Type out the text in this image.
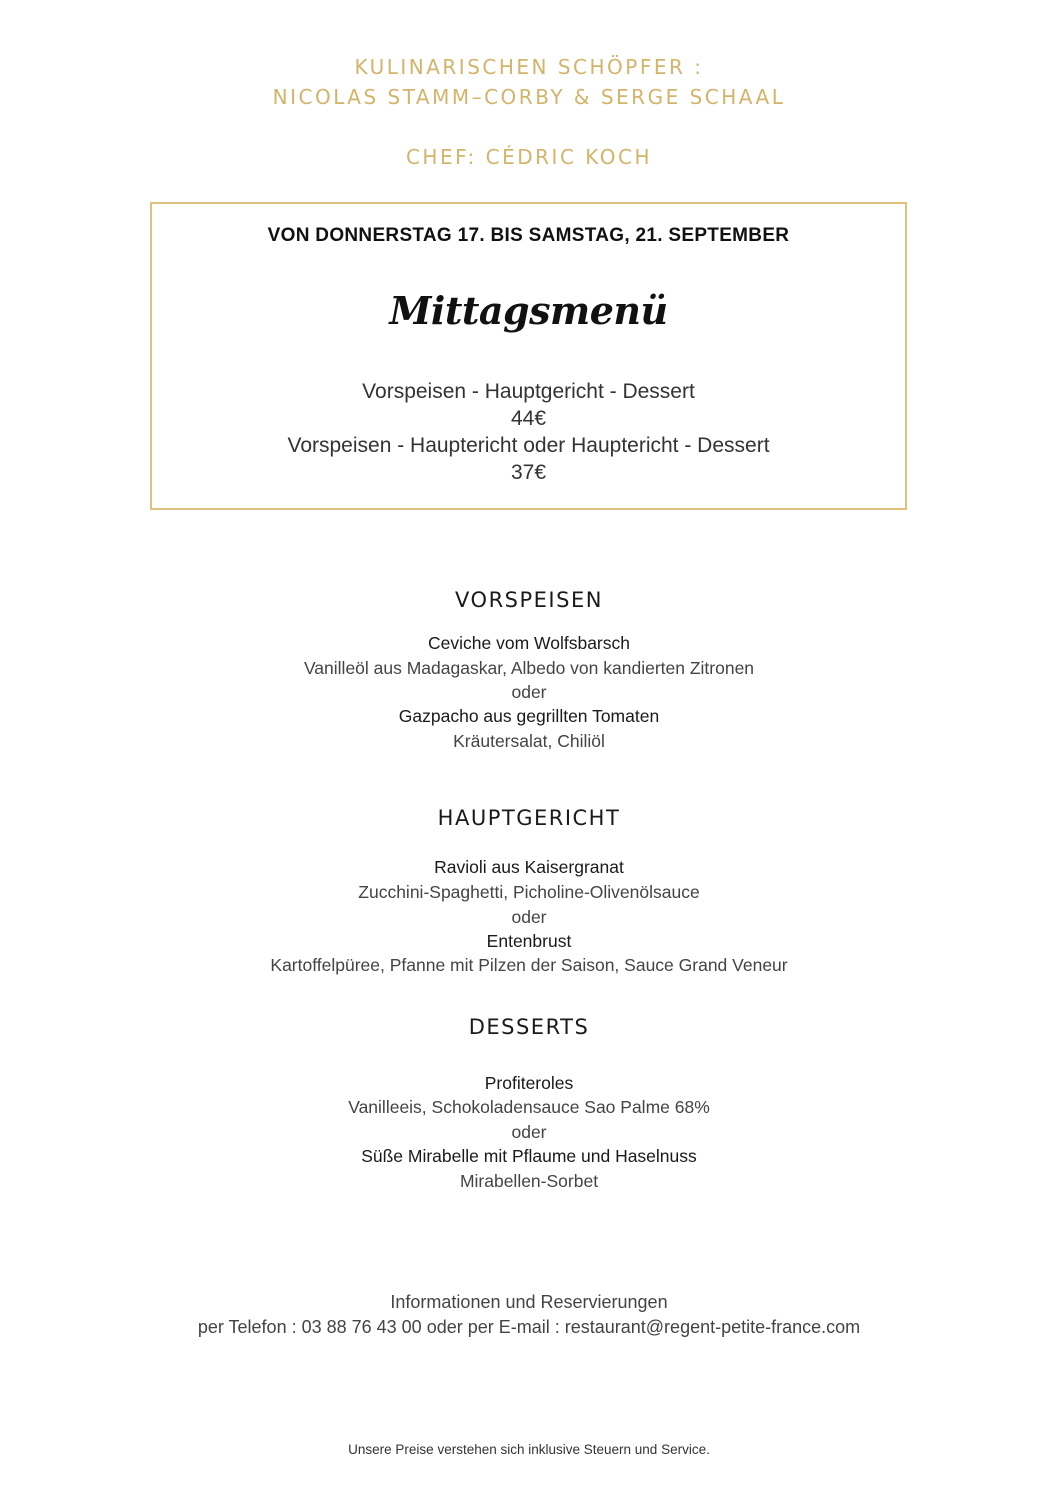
KULINARISCHEN SCHÖPFER :
NICOLAS STAMM–CORBY & SERGE SCHAAL
CHEF: CÉDRIC KOCH
VON DONNERSTAG 17. BIS SAMSTAG, 21. SEPTEMBER
Mittagsmenü
Vorspeisen - Hauptgericht - Dessert
44€
Vorspeisen - Hauptericht oder Hauptericht - Dessert
37€
VORSPEISEN
Ceviche vom Wolfsbarsch
Vanilleöl aus Madagaskar, Albedo von kandierten Zitronen
oder
Gazpacho aus gegrillten Tomaten
Kräutersalat, Chiliöl
HAUPTGERICHT
Ravioli aus Kaisergranat
Zucchini-Spaghetti, Picholine-Olivenölsauce
oder
Entenbrust
Kartoffelpüree, Pfanne mit Pilzen der Saison, Sauce Grand Veneur
DESSERTS
Profiteroles
Vanilleeis, Schokoladensauce Sao Palme 68%
oder
Süße Mirabelle mit Pflaume und Haselnuss
Mirabellen-Sorbet
Informationen und Reservierungen
per Telefon : 03 88 76 43 00 oder per E-mail : restaurant@regent-petite-france.com
Unsere Preise verstehen sich inklusive Steuern und Service.
